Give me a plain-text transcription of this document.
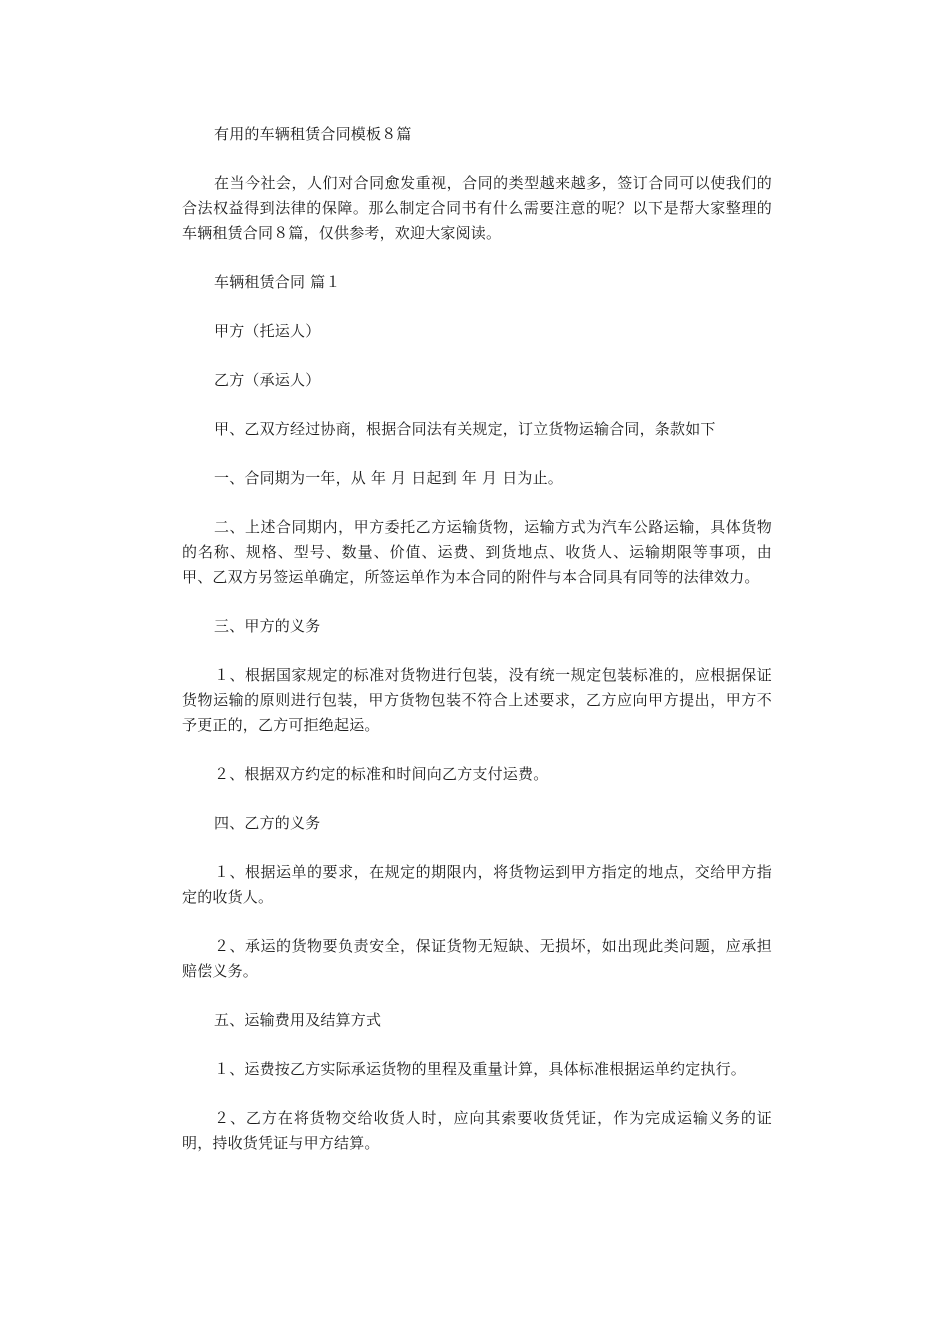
有用的车辆租赁合同模板８篇

在当今社会，人们对合同愈发重视，合同的类型越来越多，签订合同可以使我们的合法权益得到法律的保障。那么制定合同书有什么需要注意的呢？以下是帮大家整理的车辆租赁合同８篇，仅供参考，欢迎大家阅读。

车辆租赁合同 篇１

甲方（托运人）

乙方（承运人）

甲、乙双方经过协商，根据合同法有关规定，订立货物运输合同，条款如下

一、合同期为一年，从 年 月 日起到 年 月 日为止。

二、上述合同期内，甲方委托乙方运输货物，运输方式为汽车公路运输，具体货物的名称、规格、型号、数量、价值、运费、到货地点、收货人、运输期限等事项，由甲、乙双方另签运单确定，所签运单作为本合同的附件与本合同具有同等的法律效力。

三、甲方的义务

１、根据国家规定的标准对货物进行包装，没有统一规定包装标准的，应根据保证货物运输的原则进行包装，甲方货物包装不符合上述要求，乙方应向甲方提出，甲方不予更正的，乙方可拒绝起运。

２、根据双方约定的标准和时间向乙方支付运费。

四、乙方的义务

１、根据运单的要求，在规定的期限内，将货物运到甲方指定的地点，交给甲方指定的收货人。

２、承运的货物要负责安全，保证货物无短缺、无损坏，如出现此类问题，应承担赔偿义务。

五、运输费用及结算方式

１、运费按乙方实际承运货物的里程及重量计算，具体标准根据运单约定执行。

２、乙方在将货物交给收货人时，应向其索要收货凭证，作为完成运输义务的证明，持收货凭证与甲方结算。
